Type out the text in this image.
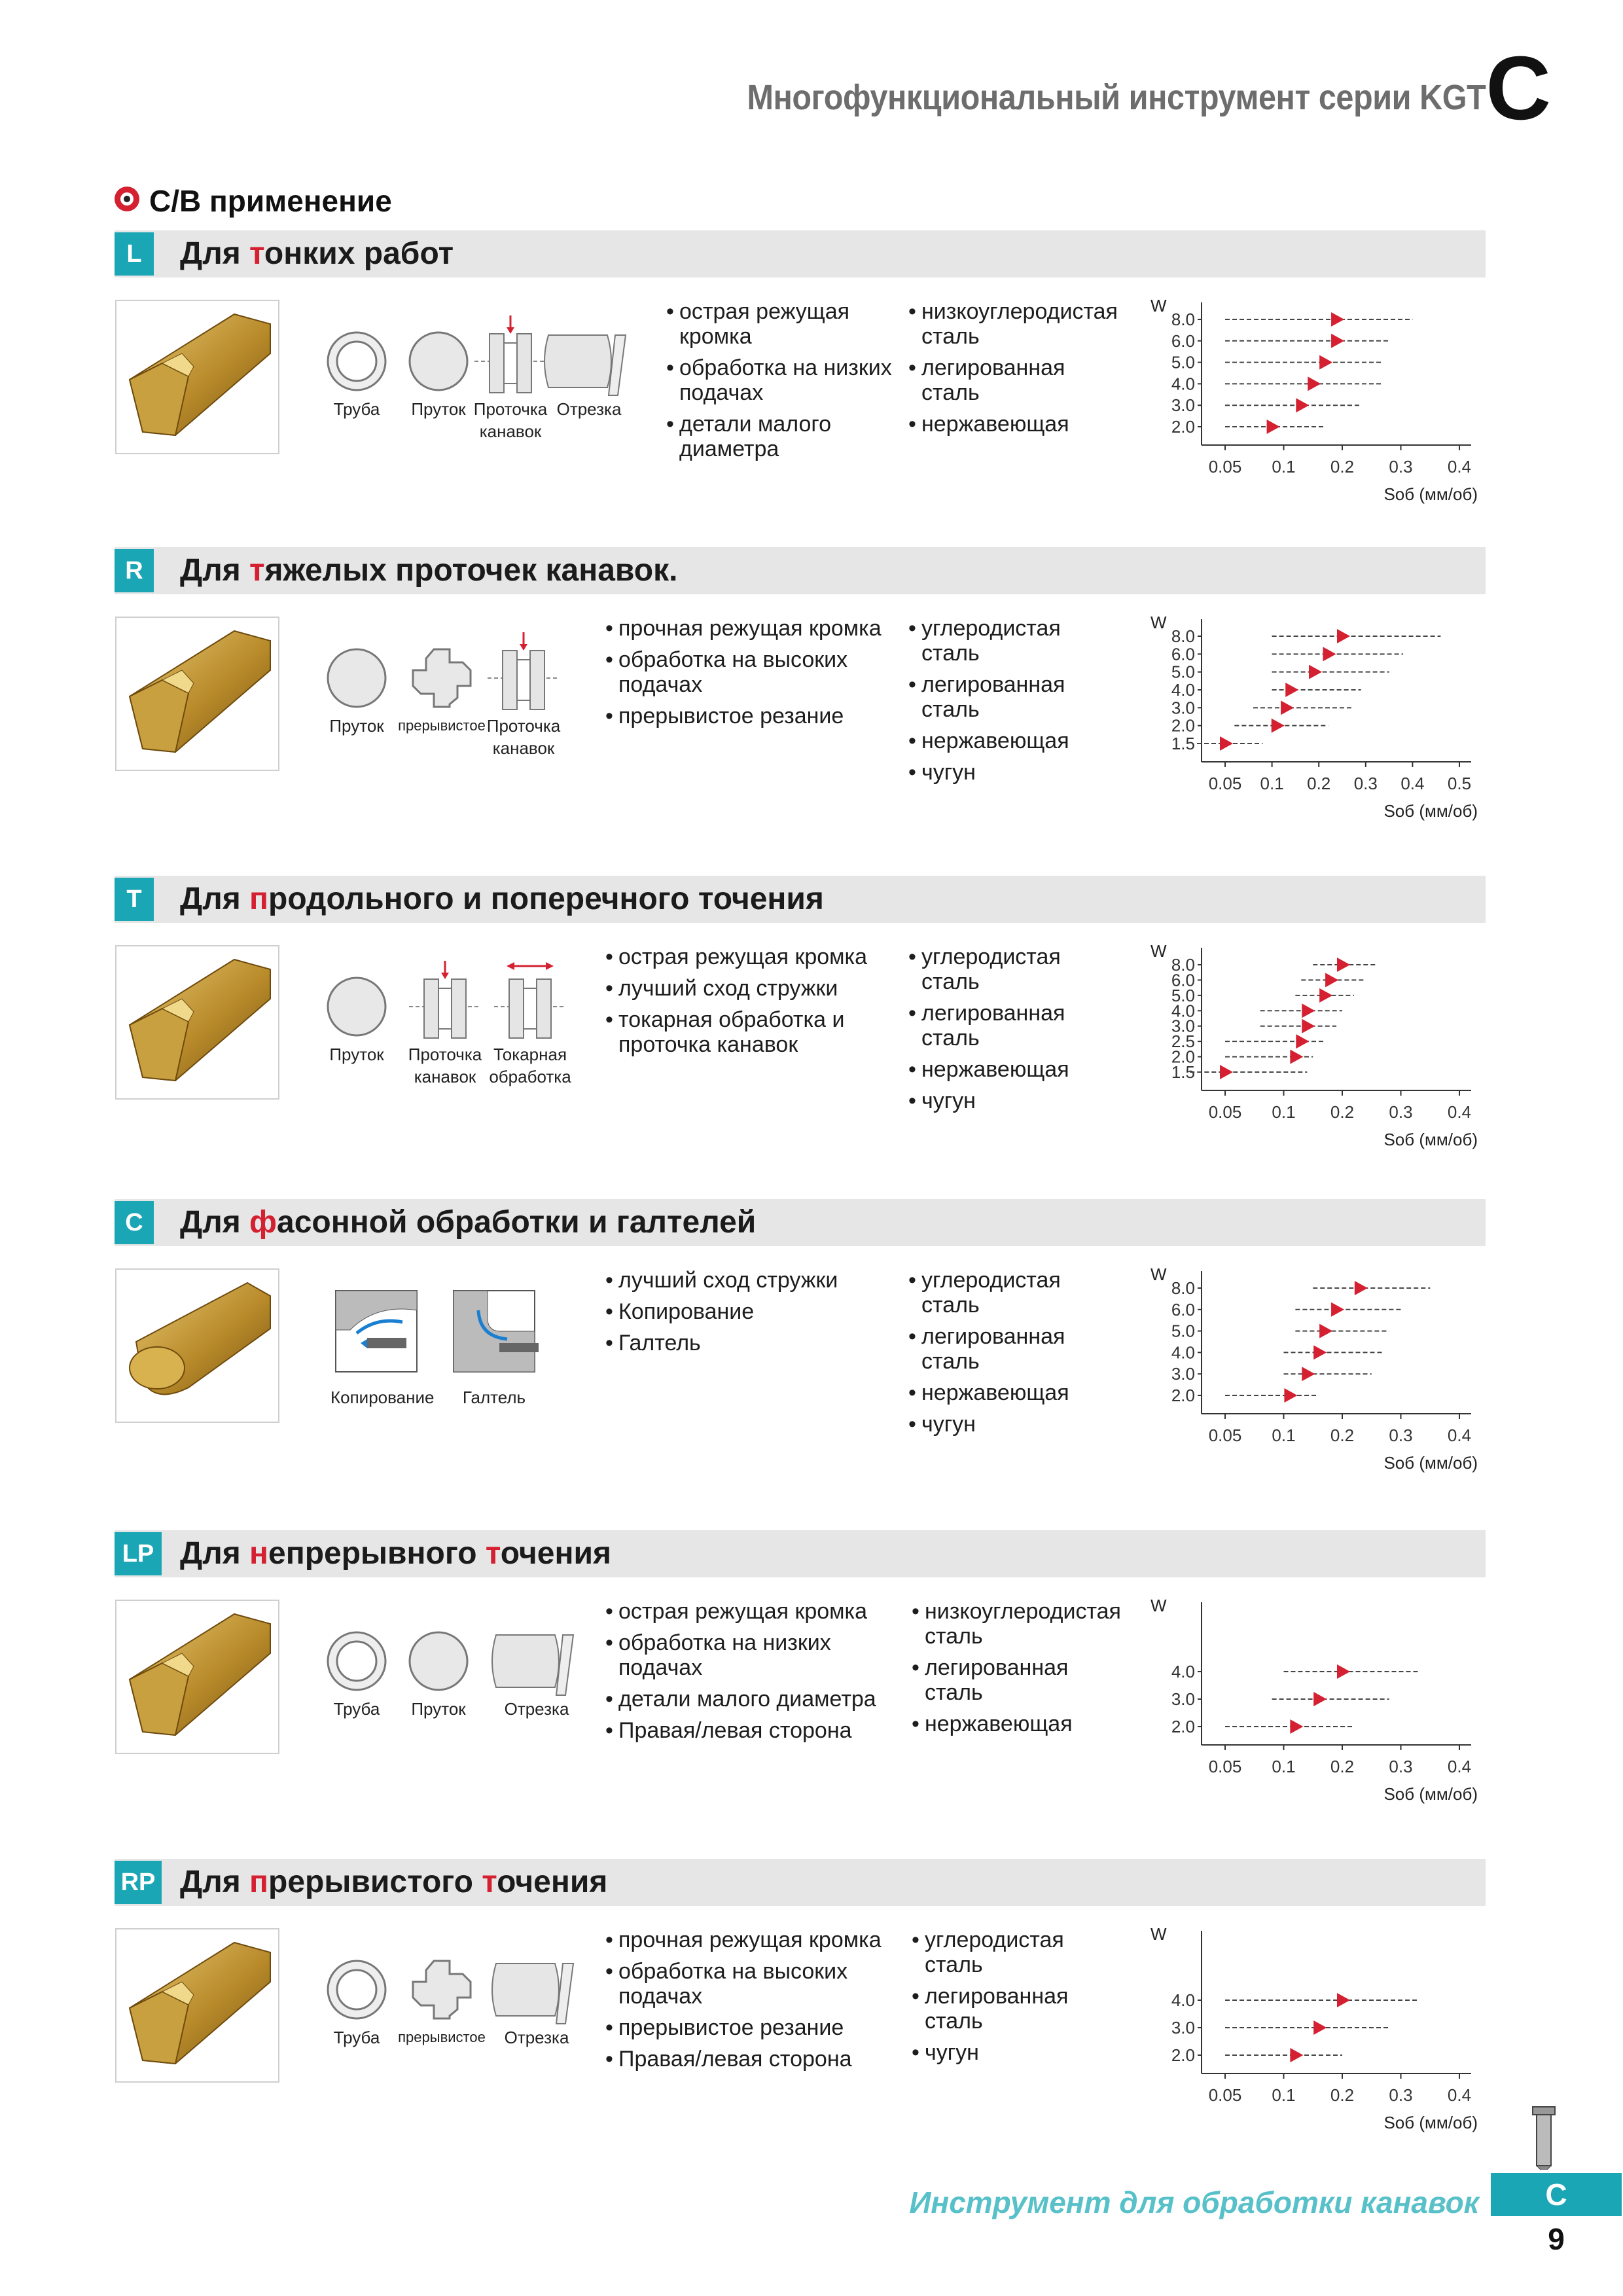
Многофункциональный инструмент серии KGT C
C/B применение
L	Для тонких работ
Труба	Пруток Проточка канавок
Отрезка
• острая режущая кромка
• обработка на низких подачах
• детали малого диаметра
• низкоуглеродистая сталь
• легированная сталь
• нержавеющая
W
8.0
6.0
5.0
4.0
3.0
2.0
0.05 0.1 0.2 0.3 0.4
Sоб (мм/об)
R	Для тяжелых проточек канавок.
Пруток прерывистое Проточка канавок
• прочная режущая кромка
• обработка на высоких подачах
• прерывистое резание
• углеродистая сталь
• легированная сталь
• нержавеющая
• чугун
W
8.0
6.0
5.0
4.0
3.0
2.0
1.5
0.05 0.1 0.2 0.3 0.4 0.5
Sоб (мм/об)
T	Для продольного и поперечного точения
Пруток	Проточка канавок
Токарная обработка
• острая режущая кромка
• лучший сход стружки
• токарная обработка и проточка канавок
• углеродистая сталь
• легированная сталь
• нержавеющая
• чугун
W
8.0
6.0
5.0
4.0
3.0
2.5
2.0
1.5
0.05 0.1 0.2 0.3 0.4
Sоб (мм/об)
C	Для фасонной обработки и галтелей
Копирование	Галтель
• лучший сход стружки
• Копирование
• Галтель
• углеродистая сталь
• легированная сталь
• нержавеющая
• чугун
W
8.0
6.0
5.0
4.0
3.0
2.0
0.05 0.1 0.2 0.3 0.4
Sоб (мм/об)
LP Для непрерывного точения
Труба	Пруток	Отрезка
• острая режущая кромка
• обработка на низких подачах
• детали малого диаметра
• Правая/левая сторона
• низкоуглеродистая сталь
• легированная сталь
• нержавеющая
W
4.0
3.0
2.0
0.05 0.1 0.2 0.3 0.4
Sоб (мм/об)
RP Для прерывистого точения
Труба	прерывистое	Отрезка
• прочная режущая кромка
• обработка на высоких подачах
• прерывистое резание
• Правая/левая сторона
• углеродистая сталь
• легированная сталь
• чугун
W
4.0
3.0
2.0
0.05 0.1 0.2 0.3 0.4
Sоб (мм/об)
Инструмент для обработки канавок	C
9
